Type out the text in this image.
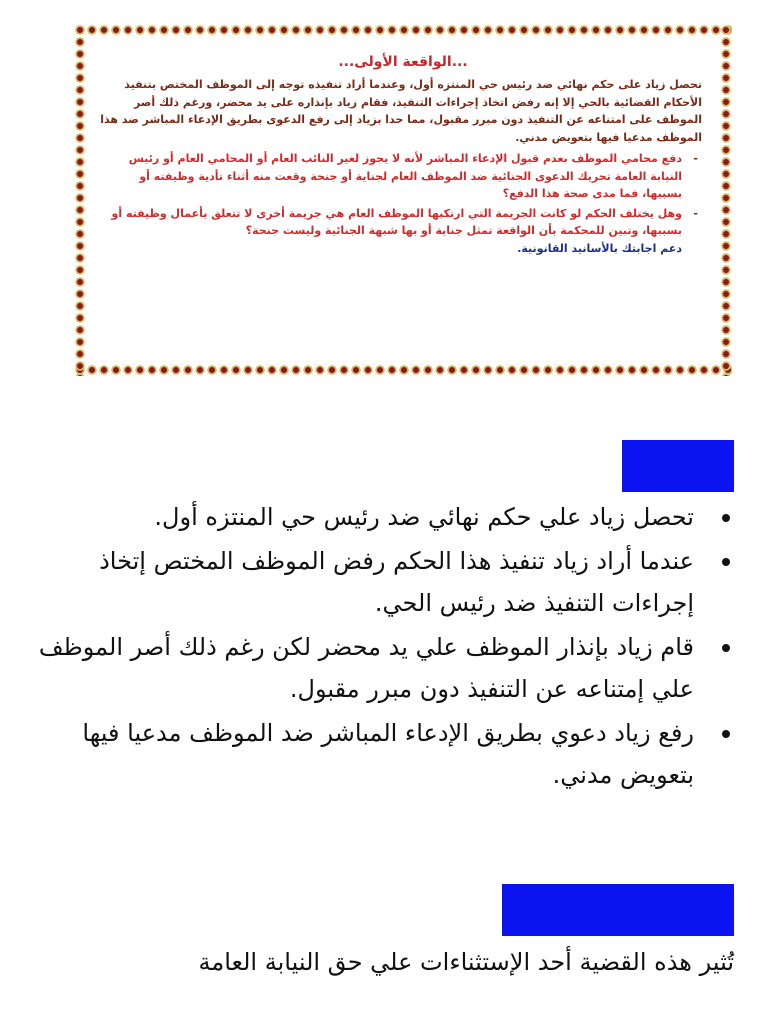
...الواقعة الأولى...

تحصل زياد على حكم نهائي ضد رئيس حي المنتزه أول، وعندما أراد تنفيذه توجه إلى الموظف المختص بتنفيذ الأحكام القضائية بالحي إلا إنه رفض اتخاذ إجراءات التنفيذ، فقام زياد بإنذاره على يد محضر، ورغم ذلك أصر الموظف على امتناعه عن التنفيذ دون مبرر مقبول، مما حدا بزياد إلى رفع الدعوى بطريق الإدعاء المباشر ضد هذا الموظف مدعيا فيها بتعويض مدني.

-
دفع محامي الموظف بعدم قبول الإدعاء المباشر لأنه لا يجوز لغير النائب العام أو المحامي العام أو رئيس النيابة العامة تحريك الدعوى الجنائية ضد الموظف العام لجناية أو جنحة وقعت منه أثناء تأدية وظيفته أو بسببها، فما مدى صحة هذا الدفع؟
-
وهل يختلف الحكم لو كانت الجريمة التي ارتكبها الموظف العام هي جريمة أخرى لا تتعلق بأعمال وظيفته أو بسببها، وتبين للمحكمة بأن الواقعة تمثل جناية أو بها شبهة الجنائية وليست جنحة؟
دعم اجابتك بالأسانيد القانونية.
تحصل زياد علي حكم نهائي ضد رئيس حي المنتزه أول.
عندما أراد زياد تنفيذ هذا الحكم رفض الموظف المختص إتخاذ إجراءات التنفيذ ضد رئيس الحي.
قام زياد بإنذار الموظف علي يد محضر لكن رغم ذلك أصر الموظف علي إمتناعه عن التنفيذ دون مبرر مقبول.
رفع زياد دعوي بطريق الإدعاء المباشر ضد الموظف مدعيا فيها بتعويض مدني.
تُثير هذه القضية أحد الإستثناءات علي حق النيابة العامة
